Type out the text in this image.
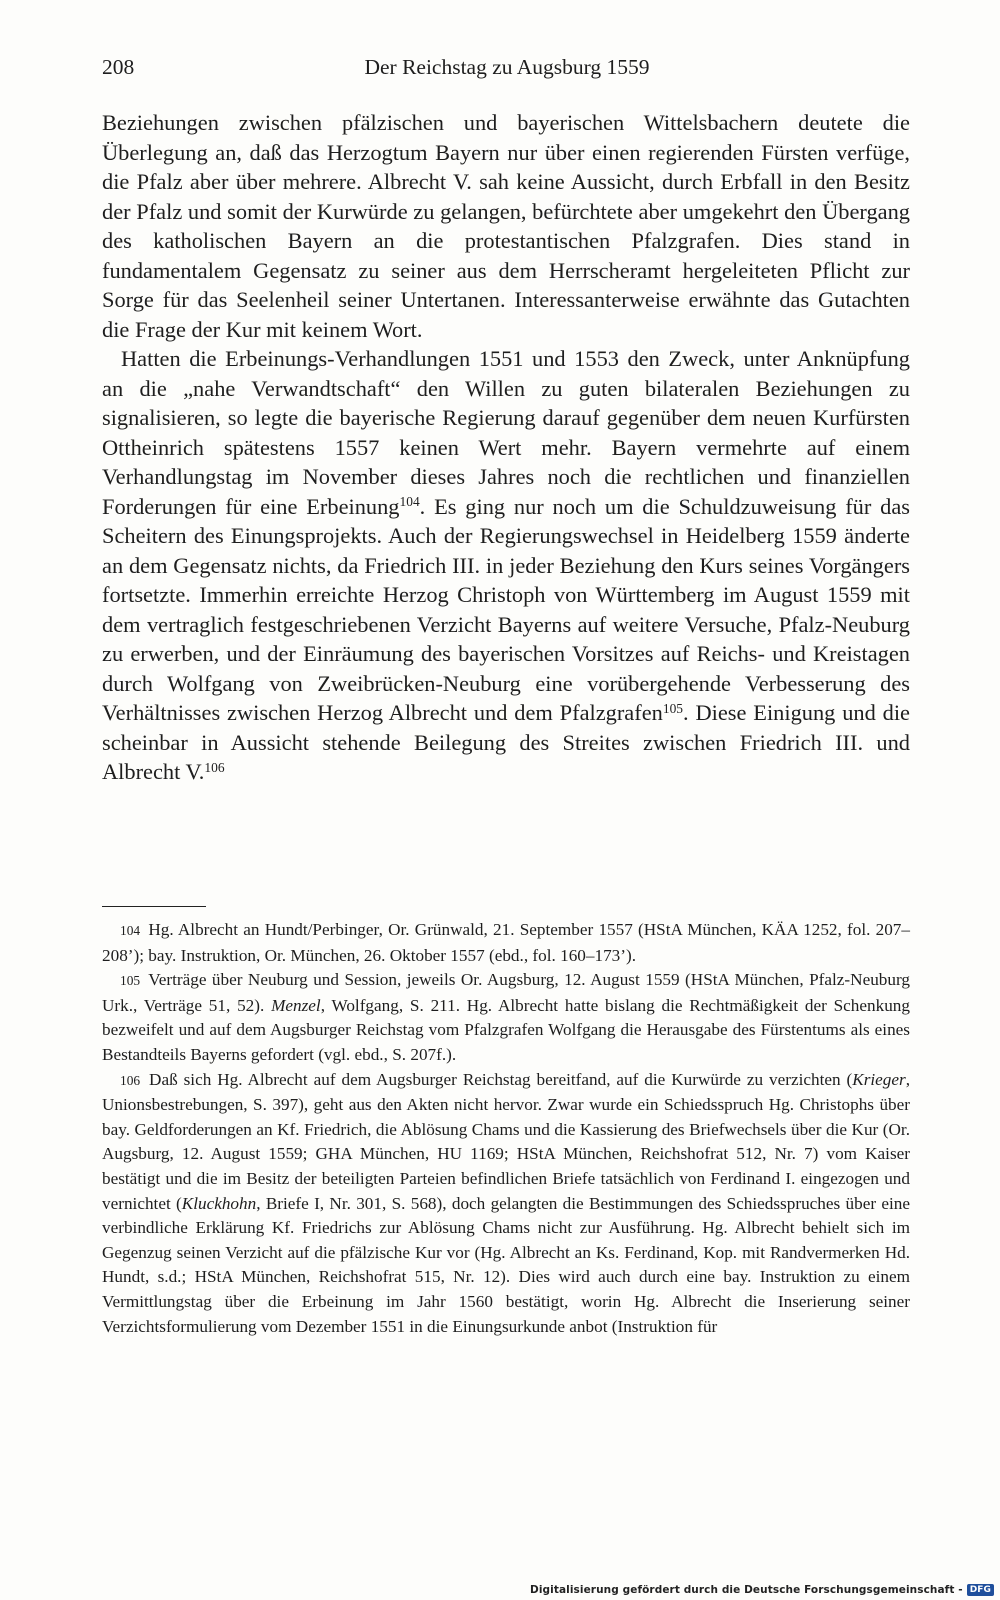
208	Der Reichstag zu Augsburg 1559

Beziehungen zwischen pfälzischen und bayerischen Wittelsbachern deutete die Überlegung an, daß das Herzogtum Bayern nur über einen regierenden Fürsten verfüge, die Pfalz aber über mehrere. Albrecht V. sah keine Aussicht, durch Erbfall in den Besitz der Pfalz und somit der Kurwürde zu gelangen, befürchtete aber umgekehrt den Übergang des katholischen Bayern an die protestantischen Pfalzgrafen. Dies stand in fundamentalem Gegensatz zu seiner aus dem Herrscheramt hergeleiteten Pflicht zur Sorge für das Seelenheil seiner Untertanen. Interessanterweise erwähnte das Gutachten die Frage der Kur mit keinem Wort.

Hatten die Erbeinungs-Verhandlungen 1551 und 1553 den Zweck, unter Anknüpfung an die „nahe Verwandtschaft“ den Willen zu guten bilateralen Beziehungen zu signalisieren, so legte die bayerische Regierung darauf gegenüber dem neuen Kurfürsten Ottheinrich spätestens 1557 keinen Wert mehr. Bayern vermehrte auf einem Verhandlungstag im November dieses Jahres noch die rechtlichen und finanziellen Forderungen für eine Erbeinung$^{104}$. Es ging nur noch um die Schuldzuweisung für das Scheitern des Einungsprojekts. Auch der Regierungswechsel in Heidelberg 1559 änderte an dem Gegensatz nichts, da Friedrich III. in jeder Beziehung den Kurs seines Vorgängers fortsetzte. Immerhin erreichte Herzog Christoph von Württemberg im August 1559 mit dem vertraglich festgeschriebenen Verzicht Bayerns auf weitere Versuche, Pfalz-Neuburg zu erwerben, und der Einräumung des bayerischen Vorsitzes auf Reichs- und Kreistagen durch Wolfgang von Zweibrücken-Neuburg eine vorübergehende Verbesserung des Verhältnisses zwischen Herzog Albrecht und dem Pfalzgrafen$^{105}$. Diese Einigung und die scheinbar in Aussicht stehende Beilegung des Streites zwischen Friedrich III. und Albrecht V.$^{106}$

104 Hg. Albrecht an Hundt/Perbinger, Or. Grünwald, 21. September 1557 (HStA München, KÄA 1252, fol. 207–208’); bay. Instruktion, Or. München, 26. Oktober 1557 (ebd., fol. 160–173’).

105 Verträge über Neuburg und Session, jeweils Or. Augsburg, 12. August 1559 (HStA München, Pfalz-Neuburg Urk., Verträge 51, 52). Menzel, Wolfgang, S. 211. Hg. Albrecht hatte bislang die Rechtmäßigkeit der Schenkung bezweifelt und auf dem Augsburger Reichstag vom Pfalzgrafen Wolfgang die Herausgabe des Fürstentums als eines Bestandteils Bayerns gefordert (vgl. ebd., S. 207f.).

106 Daß sich Hg. Albrecht auf dem Augsburger Reichstag bereitfand, auf die Kurwürde zu verzichten (Krieger, Unionsbestrebungen, S. 397), geht aus den Akten nicht hervor. Zwar wurde ein Schiedsspruch Hg. Christophs über bay. Geldforderungen an Kf. Friedrich, die Ablösung Chams und die Kassierung des Briefwechsels über die Kur (Or. Augsburg, 12. August 1559; GHA München, HU 1169; HStA München, Reichshofrat 512, Nr. 7) vom Kaiser bestätigt und die im Besitz der beteiligten Parteien befindlichen Briefe tatsächlich von Ferdinand I. eingezogen und vernichtet (Kluckhohn, Briefe I, Nr. 301, S. 568), doch gelangten die Bestimmungen des Schiedsspruches über eine verbindliche Erklärung Kf. Friedrichs zur Ablösung Chams nicht zur Ausführung. Hg. Albrecht behielt sich im Gegenzug seinen Verzicht auf die pfälzische Kur vor (Hg. Albrecht an Ks. Ferdinand, Kop. mit Randvermerken Hd. Hundt, s.d.; HStA München, Reichshofrat 515, Nr. 12). Dies wird auch durch eine bay. Instruktion zu einem Vermittlungstag über die Erbeinung im Jahr 1560 bestätigt, worin Hg. Albrecht die Inserierung seiner Verzichtsformulierung vom Dezember 1551 in die Einungsurkunde anbot (Instruktion für

Digitalisierung gefördert durch die Deutsche Forschungsgemeinschaft - DFG
